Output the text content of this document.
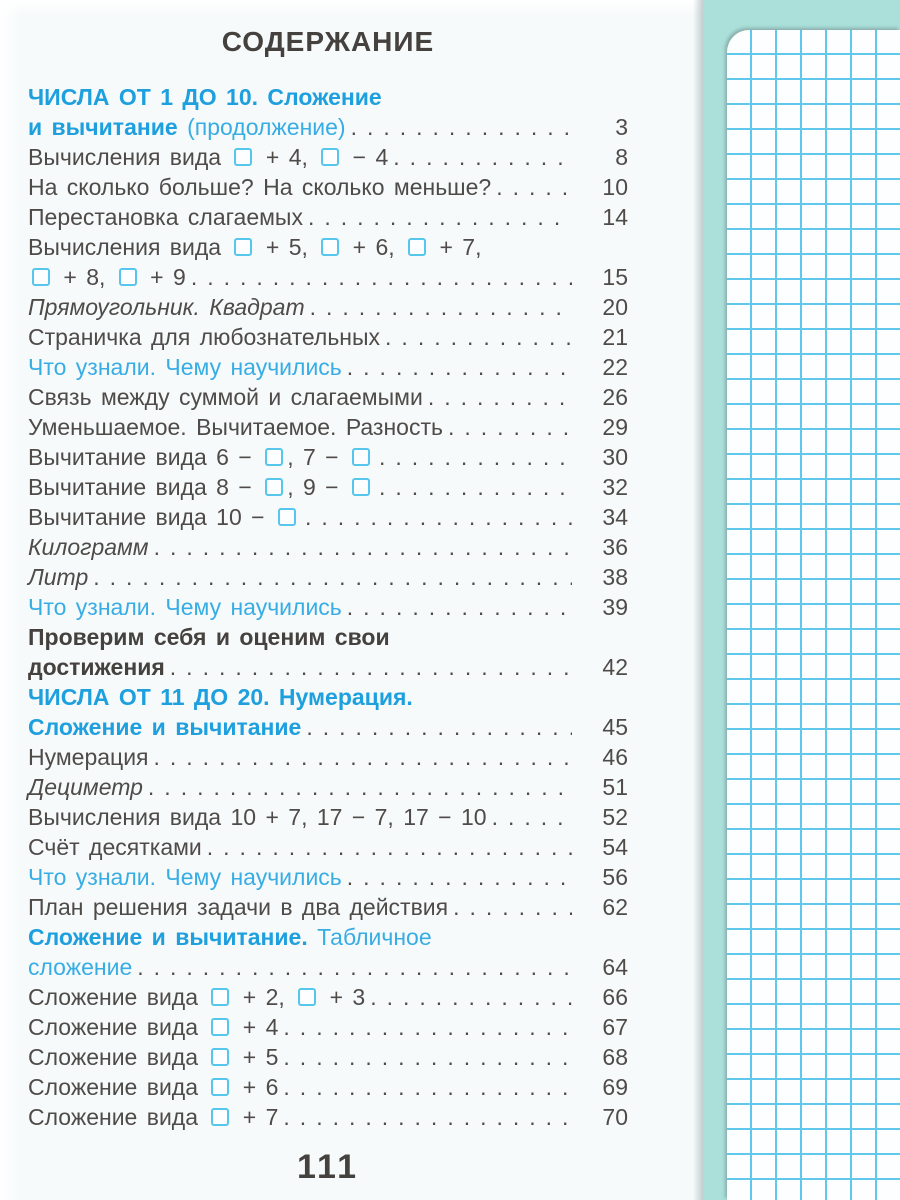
СОДЕРЖАНИЕ
ЧИСЛА ОТ 1 ДО 10. Сложение
и вычитание (продолжение) .....	3
Вычисления вида  + 4,  − 4 .....	8
На сколько больше? На сколько меньше? .....	10
Перестановка слагаемых .....	14
Вычисления вида  + 5,  + 6,  + 7,
+ 8,  + 9 .....	15
Прямоугольник. Квадрат .....	20
Страничка для любознательных .....	21
Что узнали. Чему научились .....	22
Связь между суммой и слагаемыми .....	26
Уменьшаемое. Вычитаемое. Разность .....	29
Вычитание вида 6 − , 7 − .....	30
Вычитание вида 8 − , 9 − .....	32
Вычитание вида 10 − .....	34
Килограмм .....	36
Литр .....	38
Что узнали. Чему научились .....	39
Проверим себя и оценим свои
достижения .....	42
ЧИСЛА ОТ 11 ДО 20. Нумерация.
Сложение и вычитание .....	45
Нумерация .....	46
Дециметр .....	51
Вычисления вида 10 + 7, 17 − 7, 17 − 10 .....	52
Счёт десятками .....	54
Что узнали. Чему научились .....	56
План решения задачи в два действия .....	62
Сложение и вычитание. Табличное
сложение .....	64
Сложение вида  + 2,  + 3 .....	66
Сложение вида  + 4 .....	67
Сложение вида  + 5 .....	68
Сложение вида  + 6 .....	69
Сложение вида  + 7 .....	70
111
